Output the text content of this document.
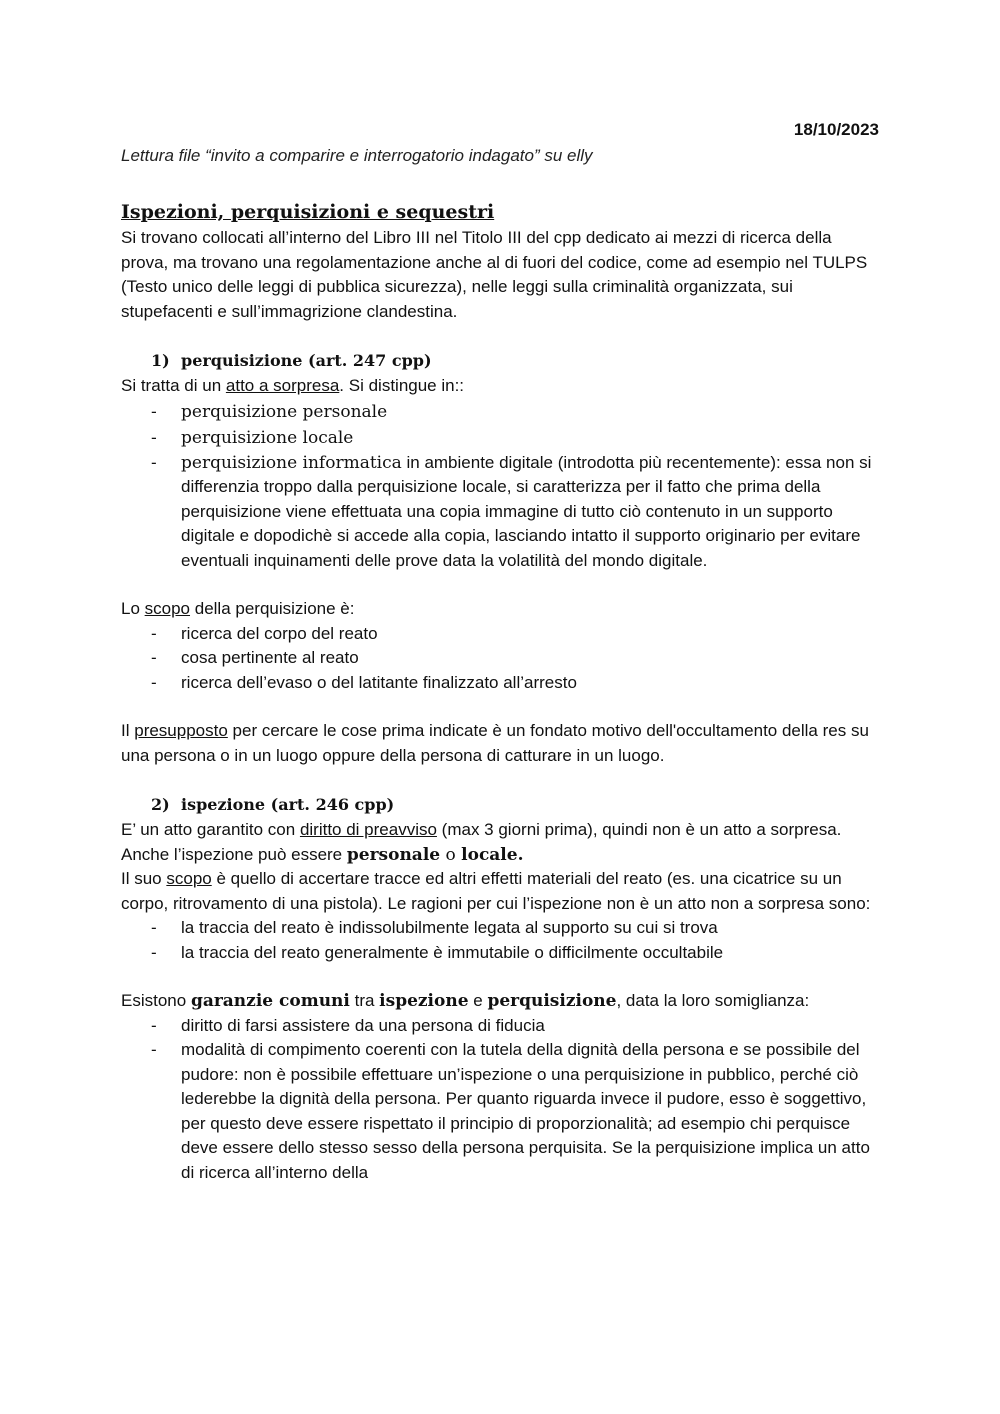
18/10/2023
Lettura file “invito a comparire e interrogatorio indagato” su elly
Ispezioni, perquisizioni e sequestri

Si trovano collocati all’interno del Libro III nel Titolo III del cpp dedicato ai mezzi di ricerca della prova, ma trovano una regolamentazione anche al di fuori del codice, come ad esempio nel TULPS (Testo unico delle leggi di pubblica sicurezza), nelle leggi sulla criminalità organizzata, sui stupefacenti e sull’immagrizione clandestina.

1) perquisizione (art. 247 cpp)

Si tratta di un atto a sorpresa. Si distingue in::

- perquisizione personale
- perquisizione locale
- perquisizione informatica in ambiente digitale (introdotta più recentemente): essa non si differenzia troppo dalla perquisizione locale, si caratterizza per il fatto che prima della perquisizione viene effettuata una copia immagine di tutto ciò contenuto in un supporto digitale e dopodichè si accede alla copia, lasciando intatto il supporto originario per evitare eventuali inquinamenti delle prove data la volatilità del mondo digitale.

Lo scopo della perquisizione è:

- ricerca del corpo del reato
- cosa pertinente al reato
- ricerca dell’evaso o del latitante finalizzato all’arresto

Il presupposto per cercare le cose prima indicate è un fondato motivo dell'occultamento della res su una persona o in un luogo oppure della persona di catturare in un luogo.

2) ispezione (art. 246 cpp)

E’ un atto garantito con diritto di preavviso (max 3 giorni prima), quindi non è un atto a sorpresa. Anche l’ispezione può essere personale o locale.

Il suo scopo è quello di accertare tracce ed altri effetti materiali del reato (es. una cicatrice su un corpo, ritrovamento di una pistola). Le ragioni per cui l’ispezione non è un atto non a sorpresa sono:

- la traccia del reato è indissolubilmente legata al supporto su cui si trova
- la traccia del reato generalmente è immutabile o difficilmente occultabile

Esistono garanzie comuni tra ispezione e perquisizione, data la loro somiglianza:

- diritto di farsi assistere da una persona di fiducia
- modalità di compimento coerenti con la tutela della dignità della persona e se possibile del pudore: non è possibile effettuare un’ispezione o una perquisizione in pubblico, perché ciò lederebbe la dignità della persona. Per quanto riguarda invece il pudore, esso è soggettivo, per questo deve essere rispettato il principio di proporzionalità; ad esempio chi perquisce deve essere dello stesso sesso della persona perquisita. Se la perquisizione implica un atto di ricerca all’interno della
